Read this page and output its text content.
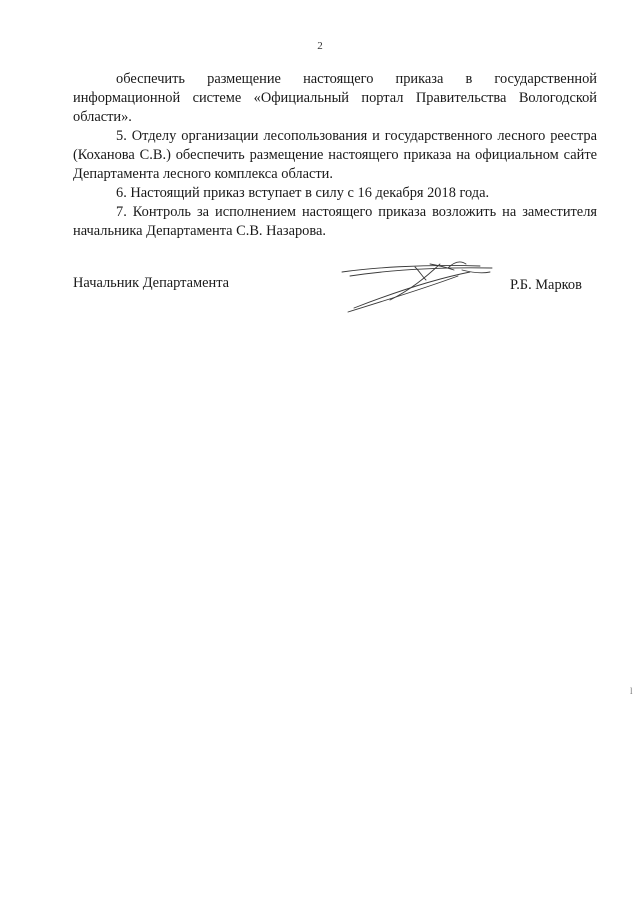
2

обеспечить размещение настоящего приказа в государственной информационной системе «Официальный портал Правительства Вологодской области».

5. Отделу организации лесопользования и государственного лесного реестра (Коханова С.В.) обеспечить размещение настоящего приказа на официальном сайте Департамента лесного комплекса области.

6. Настоящий приказ вступает в силу с 16 декабря 2018 года.

7. Контроль за исполнением настоящего приказа возложить на заместителя начальника Департамента С.В. Назарова.

Начальник Департамента	Р.Б. Марков
l
